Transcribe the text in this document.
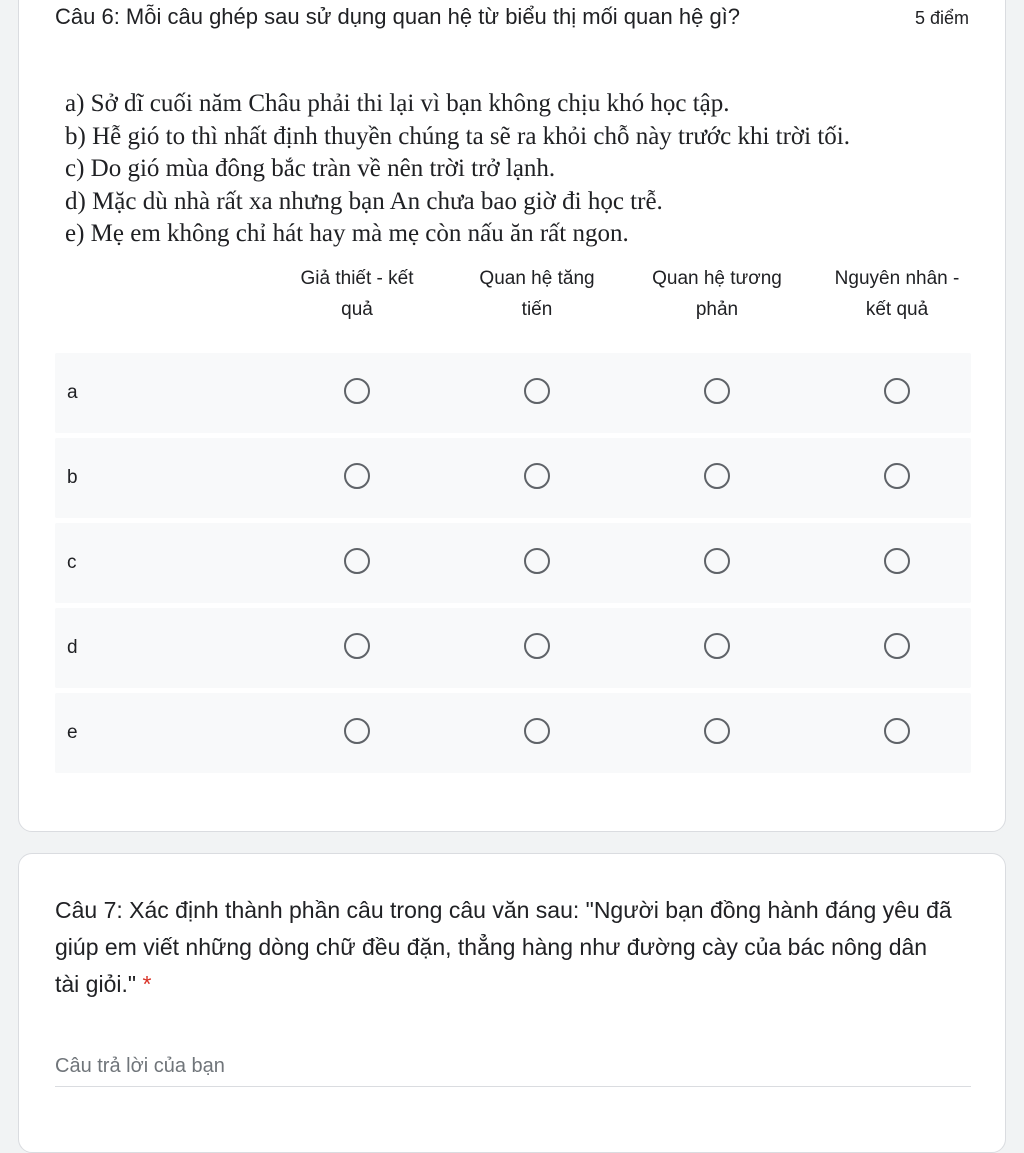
Câu 6: Mỗi câu ghép sau sử dụng quan hệ từ biểu thị mối quan hệ gì?	5 điểm

a) Sở dĩ cuối năm Châu phải thi lại vì bạn không chịu khó học tập.

b) Hễ gió to thì nhất định thuyền chúng ta sẽ ra khỏi chỗ này trước khi trời tối.

c) Do gió mùa đông bắc tràn về nên trời trở lạnh.

d) Mặc dù nhà rất xa nhưng bạn An chưa bao giờ đi học trễ.

e) Mẹ em không chỉ hát hay mà mẹ còn nấu ăn rất ngon.

Giả thiết - kết
quả
Quan hệ tăng
tiến
Quan hệ tương
phản
Nguyên nhân -
kết quả
a
b
c
d
e
Câu 7: Xác định thành phần câu trong câu văn sau: "Người bạn đồng hành đáng yêu đã giúp em viết những dòng chữ đều đặn, thẳng hàng như đường cày của bác nông dân tài giỏi." *
Câu trả lời của bạn
